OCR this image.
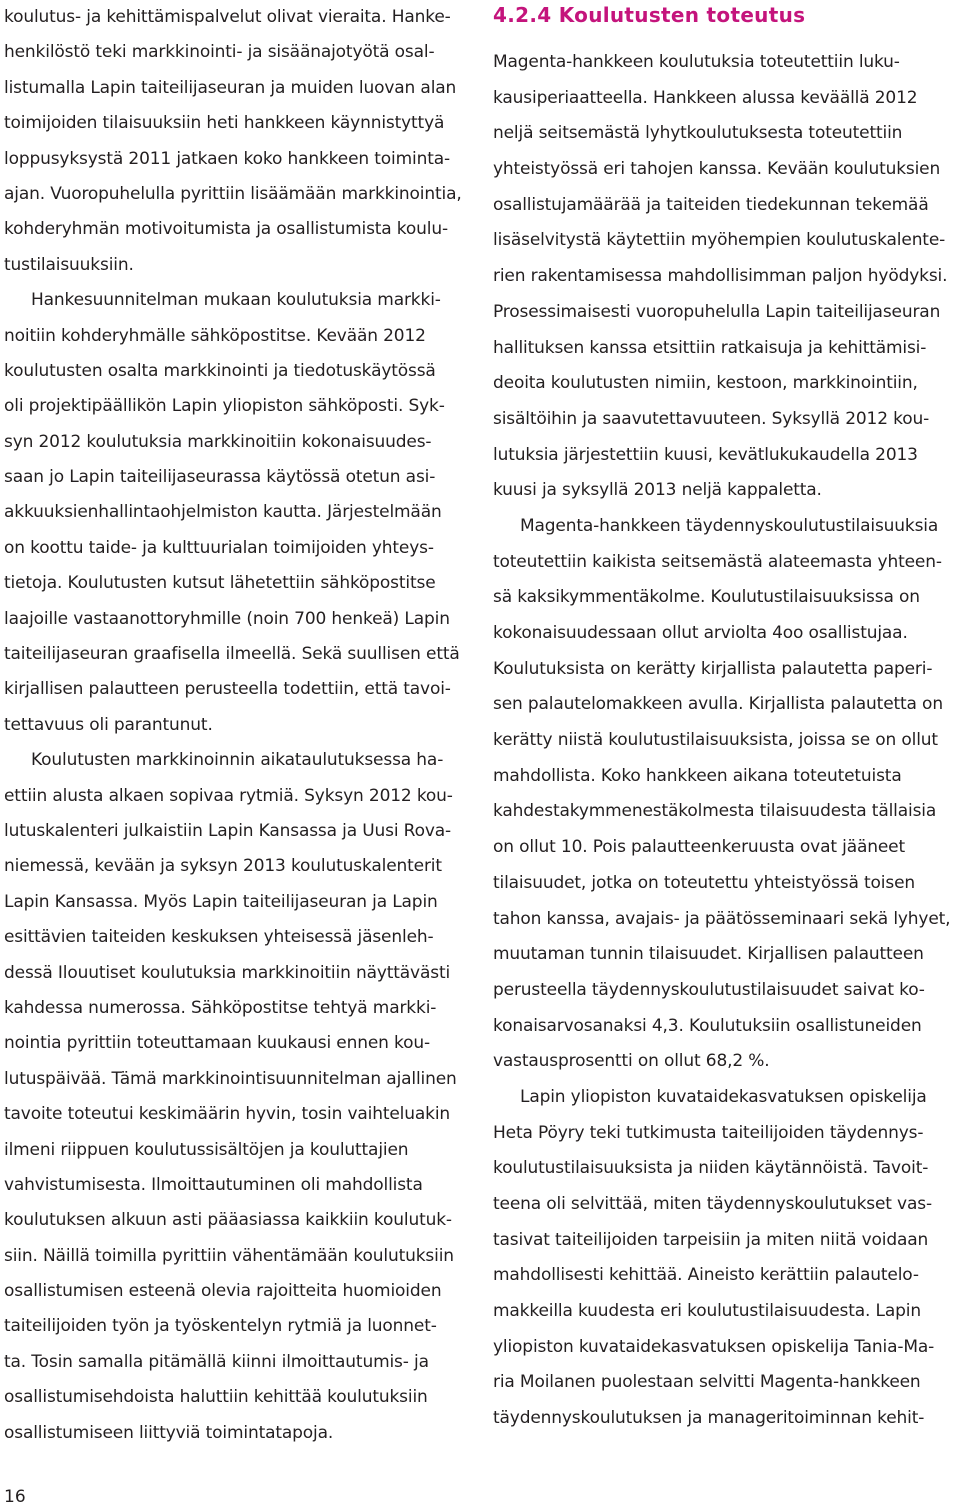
koulutus- ja kehittämispalvelut olivat vieraita. Hanke-
henkilöstö teki markkinointi- ja sisäänajotyötä osal-
listumalla Lapin taiteilijaseuran ja muiden luovan alan
toimijoiden tilaisuuksiin heti hankkeen käynnistyttyä
loppusyksystä 2011 jatkaen koko hankkeen toiminta-
ajan. Vuoropuhelulla pyrittiin lisäämään markkinointia,
kohderyhmän motivoitumista ja osallistumista koulu-
tustilaisuuksiin.
Hankesuunnitelman mukaan koulutuksia markki-
noitiin kohderyhmälle sähköpostitse. Kevään 2012
koulutusten osalta markkinointi ja tiedotuskäytössä
oli projektipäällikön Lapin yliopiston sähköposti. Syk-
syn 2012 koulutuksia markkinoitiin kokonaisuudes-
saan jo Lapin taiteilijaseurassa käytössä otetun asi-
akkuuksienhallintaohjelmiston kautta. Järjestelmään
on koottu taide- ja kulttuurialan toimijoiden yhteys-
tietoja. Koulutusten kutsut lähetettiin sähköpostitse
laajoille vastaanottoryhmille (noin 700 henkeä) Lapin
taiteilijaseuran graafisella ilmeellä. Sekä suullisen että
kirjallisen palautteen perusteella todettiin, että tavoi-
tettavuus oli parantunut.
Koulutusten markkinoinnin aikataulutuksessa ha-
ettiin alusta alkaen sopivaa rytmiä. Syksyn 2012 kou-
lutuskalenteri julkaistiin Lapin Kansassa ja Uusi Rova-
niemessä, kevään ja syksyn 2013 koulutuskalenterit
Lapin Kansassa. Myös Lapin taiteilijaseuran ja Lapin
esittävien taiteiden keskuksen yhteisessä jäsenleh-
dessä Ilouutiset koulutuksia markkinoitiin näyttävästi
kahdessa numerossa. Sähköpostitse tehtyä markki-
nointia pyrittiin toteuttamaan kuukausi ennen kou-
lutuspäivää. Tämä markkinointisuunnitelman ajallinen
tavoite toteutui keskimäärin hyvin, tosin vaihteluakin
ilmeni riippuen koulutussisältöjen ja kouluttajien
vahvistumisesta. Ilmoittautuminen oli mahdollista
koulutuksen alkuun asti pääasiassa kaikkiin koulutuk-
siin. Näillä toimilla pyrittiin vähentämään koulutuksiin
osallistumisen esteenä olevia rajoitteita huomioiden
taiteilijoiden työn ja työskentelyn rytmiä ja luonnet-
ta. Tosin samalla pitämällä kiinni ilmoittautumis- ja
osallistumisehdoista haluttiin kehittää koulutuksiin
osallistumiseen liittyviä toimintatapoja.
4.2.4 Koulutusten toteutus
Magenta-hankkeen koulutuksia toteutettiin luku-
kausiperiaatteella. Hankkeen alussa keväällä 2012
neljä seitsemästä lyhytkoulutuksesta toteutettiin
yhteistyössä eri tahojen kanssa. Kevään koulutuksien
osallistujamäärää ja taiteiden tiedekunnan tekemää
lisäselvitystä käytettiin myöhempien koulutuskalente-
rien rakentamisessa mahdollisimman paljon hyödyksi.
Prosessimaisesti vuoropuhelulla Lapin taiteilijaseuran
hallituksen kanssa etsittiin ratkaisuja ja kehittämisi-
deoita koulutusten nimiin, kestoon, markkinointiin,
sisältöihin ja saavutettavuuteen. Syksyllä 2012 kou-
lutuksia järjestettiin kuusi, kevätlukukaudella 2013
kuusi ja syksyllä 2013 neljä kappaletta.
Magenta-hankkeen täydennyskoulutustilaisuuksia
toteutettiin kaikista seitsemästä alateemasta yhteen-
sä kaksikymmentäkolme. Koulutustilaisuuksissa on
kokonaisuudessaan ollut arviolta 4oo osallistujaa.
Koulutuksista on kerätty kirjallista palautetta paperi-
sen palautelomakkeen avulla. Kirjallista palautetta on
kerätty niistä koulutustilaisuuksista, joissa se on ollut
mahdollista. Koko hankkeen aikana toteutetuista
kahdestakymmenestäkolmesta tilaisuudesta tällaisia
on ollut 10. Pois palautteenkeruusta ovat jääneet
tilaisuudet, jotka on toteutettu yhteistyössä toisen
tahon kanssa, avajais- ja päätösseminaari sekä lyhyet,
muutaman tunnin tilaisuudet. Kirjallisen palautteen
perusteella täydennyskoulutustilaisuudet saivat ko-
konaisarvosanaksi 4,3. Koulutuksiin osallistuneiden
vastausprosentti on ollut 68,2 %.
Lapin yliopiston kuvataidekasvatuksen opiskelija
Heta Pöyry teki tutkimusta taiteilijoiden täydennys-
koulutustilaisuuksista ja niiden käytännöistä. Tavoit-
teena oli selvittää, miten täydennyskoulutukset vas-
tasivat taiteilijoiden tarpeisiin ja miten niitä voidaan
mahdollisesti kehittää. Aineisto kerättiin palautelo-
makkeilla kuudesta eri koulutustilaisuudesta. Lapin
yliopiston kuvataidekasvatuksen opiskelija Tania-Ma-
ria Moilanen puolestaan selvitti Magenta-hankkeen
täydennyskoulutuksen ja manageritoiminnan kehit-
16
